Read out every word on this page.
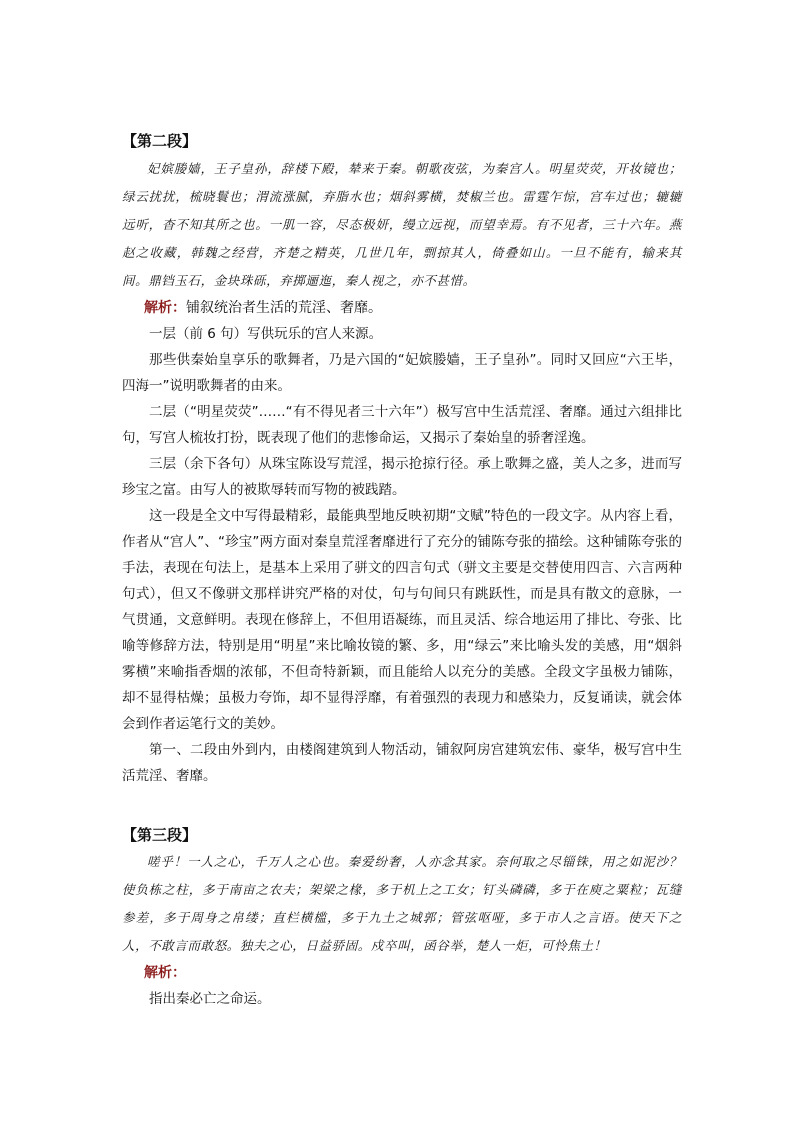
【第二段】

妃嫔媵嫱，王子皇孙，辞楼下殿，辇来于秦。朝歌夜弦，为秦宫人。明星荧荧，开妆镜也；绿云扰扰，梳晓鬟也；渭流涨腻，弃脂水也；烟斜雾横，焚椒兰也。雷霆乍惊，宫车过也；辘辘远听，杳不知其所之也。一肌一容，尽态极妍，缦立远视，而望幸焉。有不见者，三十六年。燕赵之收藏，韩魏之经营，齐楚之精英，几世几年，剽掠其人，倚叠如山。一旦不能有，输来其间。鼎铛玉石，金块珠砾，弃掷逦迤，秦人视之，亦不甚惜。

解析：铺叙统治者生活的荒淫、奢靡。

一层（前 6 句）写供玩乐的宫人来源。

那些供秦始皇享乐的歌舞者，乃是六国的“妃嫔媵嫱，王子皇孙”。同时又回应“六王毕，四海一”说明歌舞者的由来。

二层（“明星荧荧”……“有不得见者三十六年”）极写宫中生活荒淫、奢靡。通过六组排比句，写宫人梳妆打扮，既表现了他们的悲惨命运，又揭示了秦始皇的骄奢淫逸。

三层（余下各句）从珠宝陈设写荒淫，揭示抢掠行径。承上歌舞之盛，美人之多，进而写珍宝之富。由写人的被欺辱转而写物的被践踏。

这一段是全文中写得最精彩，最能典型地反映初期“文赋”特色的一段文字。从内容上看，作者从“宫人”、“珍宝”两方面对秦皇荒淫奢靡进行了充分的铺陈夸张的描绘。这种铺陈夸张的手法，表现在句法上，是基本上采用了骈文的四言句式（骈文主要是交替使用四言、六言两种句式），但又不像骈文那样讲究严格的对仗，句与句间只有跳跃性，而是具有散文的意脉，一气贯通，文意鲜明。表现在修辞上，不但用语凝练，而且灵活、综合地运用了排比、夸张、比喻等修辞方法，特别是用“明星”来比喻妆镜的繁、多，用“绿云”来比喻头发的美感，用“烟斜雾横”来喻指香烟的浓郁，不但奇特新颖，而且能给人以充分的美感。全段文字虽极力铺陈，却不显得枯燥；虽极力夸饰，却不显得浮靡，有着强烈的表现力和感染力，反复诵读，就会体会到作者运笔行文的美妙。

第一、二段由外到内，由楼阁建筑到人物活动，铺叙阿房宫建筑宏伟、豪华，极写宫中生活荒淫、奢靡。

【第三段】

嗟乎！一人之心，千万人之心也。秦爱纷奢，人亦念其家。奈何取之尽锱铢，用之如泥沙？使负栋之柱，多于南亩之农夫；架梁之椽，多于机上之工女；钉头磷磷，多于在庾之粟粒；瓦缝参差，多于周身之帛缕；直栏横槛，多于九土之城郭；管弦呕哑，多于市人之言语。使天下之人，不敢言而敢怒。独夫之心，日益骄固。戍卒叫，函谷举，楚人一炬，可怜焦土！

解析：

指出秦必亡之命运。
